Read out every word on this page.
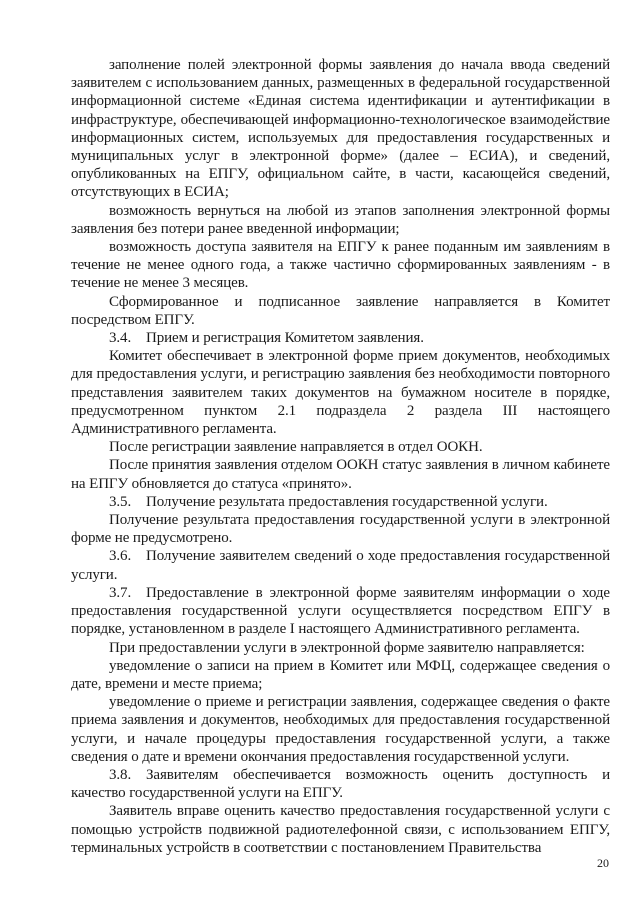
заполнение полей электронной формы заявления до начала ввода сведений заявителем с использованием данных, размещенных в федеральной государственной информационной системе «Единая система идентификации и аутентификации в инфраструктуре, обеспечивающей информационно-технологическое взаимодействие информационных систем, используемых для предоставления государственных и муниципальных услуг в электронной форме» (далее – ЕСИА), и сведений, опубликованных на ЕПГУ, официальном сайте, в части, касающейся сведений, отсутствующих в ЕСИА;

возможность вернуться на любой из этапов заполнения электронной формы заявления без потери ранее введенной информации;

возможность доступа заявителя на ЕПГУ к ранее поданным им заявлениям в течение не менее одного года, а также частично сформированных заявлениям - в течение не менее 3 месяцев.

Сформированное и подписанное заявление направляется в Комитет посредством ЕПГУ.

3.4. Прием и регистрация Комитетом заявления.

Комитет обеспечивает в электронной форме прием документов, необходимых для предоставления услуги, и регистрацию заявления без необходимости повторного представления заявителем таких документов на бумажном носителе в порядке, предусмотренном пунктом 2.1 подраздела 2 раздела III настоящего Административного регламента.

После регистрации заявление направляется в отдел ООКН.

После принятия заявления отделом ООКН статус заявления в личном кабинете на ЕПГУ обновляется до статуса «принято».

3.5. Получение результата предоставления государственной услуги.

Получение результата предоставления государственной услуги в электронной форме не предусмотрено.

3.6. Получение заявителем сведений о ходе предоставления государственной услуги.

3.7. Предоставление в электронной форме заявителям информации о ходе предоставления государственной услуги осуществляется посредством ЕПГУ в порядке, установленном в разделе I настоящего Административного регламента.

При предоставлении услуги в электронной форме заявителю направляется:

уведомление о записи на прием в Комитет или МФЦ, содержащее сведения о дате, времени и месте приема;

уведомление о приеме и регистрации заявления, содержащее сведения о факте приема заявления и документов, необходимых для предоставления государственной услуги, и начале процедуры предоставления государственной услуги, а также сведения о дате и времени окончания предоставления государственной услуги.

3.8. Заявителям обеспечивается возможность оценить доступность и качество государственной услуги на ЕПГУ.

Заявитель вправе оценить качество предоставления государственной услуги с помощью устройств подвижной радиотелефонной связи, с использованием ЕПГУ, терминальных устройств в соответствии с постановлением Правительства

20
